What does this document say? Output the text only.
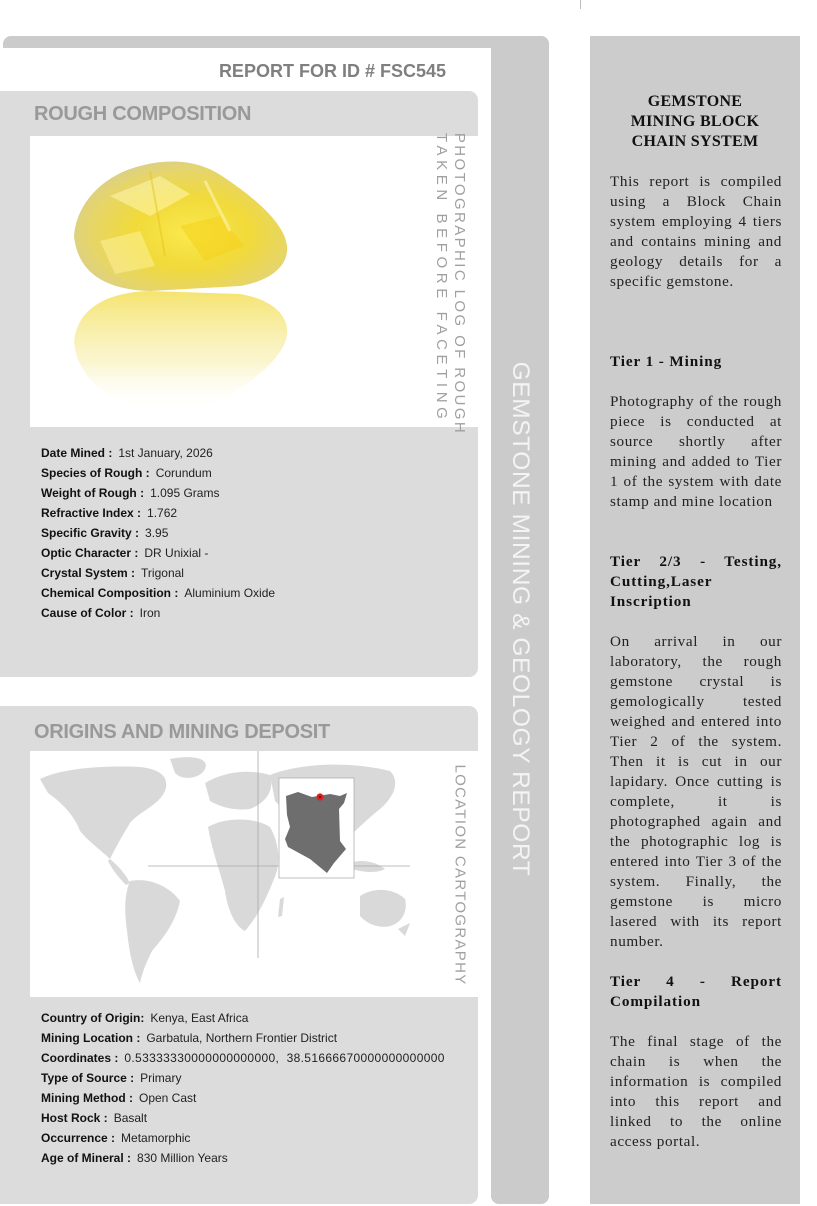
GEMSTONE MINING & GEOLOGY REPORT
REPORT FOR ID # FSC545
ROUGH COMPOSITION
PHOTOGRAPHIC LOG OF ROUGH
TAKEN BEFORE FACETING
Date Mined : 1st January, 2026
Species of Rough : Corundum
Weight of Rough : 1.095 Grams
Refractive Index : 1.762
Specific Gravity : 3.95
Optic Character : DR Unixial -
Crystal System : Trigonal
Chemical Composition : Aluminium Oxide
Cause of Color : Iron
ORIGINS AND MINING DEPOSIT
LOCATION CARTOGRAPHY
Country of Origin: Kenya, East Africa
Mining Location : Garbatula, Northern Frontier District
Coordinates : 0.53333330000000000000,  38.51666670000000000000
Type of Source : Primary
Mining Method : Open Cast
Host Rock : Basalt
Occurrence : Metamorphic
Age of Mineral : 830 Million Years
GEMSTONE
MINING BLOCK
CHAIN SYSTEM
This report is compiled using a Block Chain system employing 4 tiers and contains mining and geology details for a specific gemstone.
Tier 1 - Mining
Photography of the rough piece is conducted at source shortly after mining and added to Tier 1 of the system with date stamp and mine location
Tier 2/3 - Testing, Cutting,Laser Inscription
On arrival in our laboratory, the rough gemstone crystal is gemologically tested weighed and entered into Tier 2 of the system. Then it is cut in our lapidary. Once cutting is complete, it is photographed again and the photographic log is entered into Tier 3 of the system. Finally, the gemstone is micro lasered with its report number.
Tier 4 - Report Compilation
The final stage of the chain is when the information is compiled into this report and linked to the online access portal.
